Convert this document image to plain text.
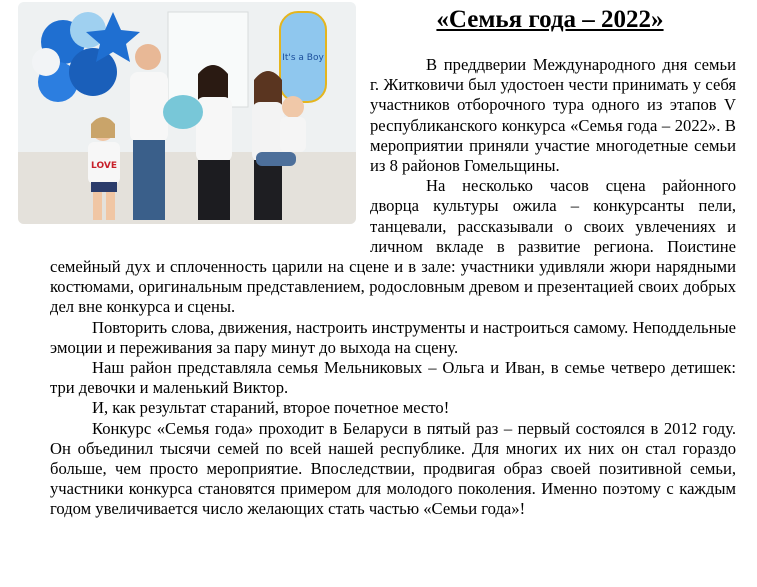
It's a Boy
LOVE
«Семья года – 2022»

В преддверии Международного дня семьи г. Житковичи был удостоен чести принимать у себя участников отборочного тура одного из этапов V республиканского конкурса «Семья года – 2022». В мероприятии приняли участие многодетные семьи из 8 районов Гомельщины.

На несколько часов сцена районного дворца культуры ожила – конкурсанты пели, танцевали, рассказывали о своих увлечениях и личном вкладе в развитие региона. Поистине семейный дух и сплоченность царили на сцене и в зале: участники удивляли жюри нарядными костюмами, оригинальным представлением, родословным древом и презентацией своих добрых дел вне конкурса и сцены.

Повторить слова, движения, настроить инструменты и настроиться самому. Неподдельные эмоции и переживания за пару минут до выхода на сцену.

Наш район представляла семья Мельниковых – Ольга и Иван, в семье четверо детишек: три девочки и маленький Виктор.

И, как результат стараний, второе почетное место!

Конкурс «Семья года» проходит в Беларуси в пятый раз – первый состоялся в 2012 году. Он объединил тысячи семей по всей нашей республике. Для многих их них он стал гораздо больше, чем просто мероприятие. Впоследствии, продвигая образ своей позитивной семьи, участники конкурса становятся примером для молодого поколения. Именно поэтому с каждым годом увеличивается число желающих стать частью «Семьи года»!
